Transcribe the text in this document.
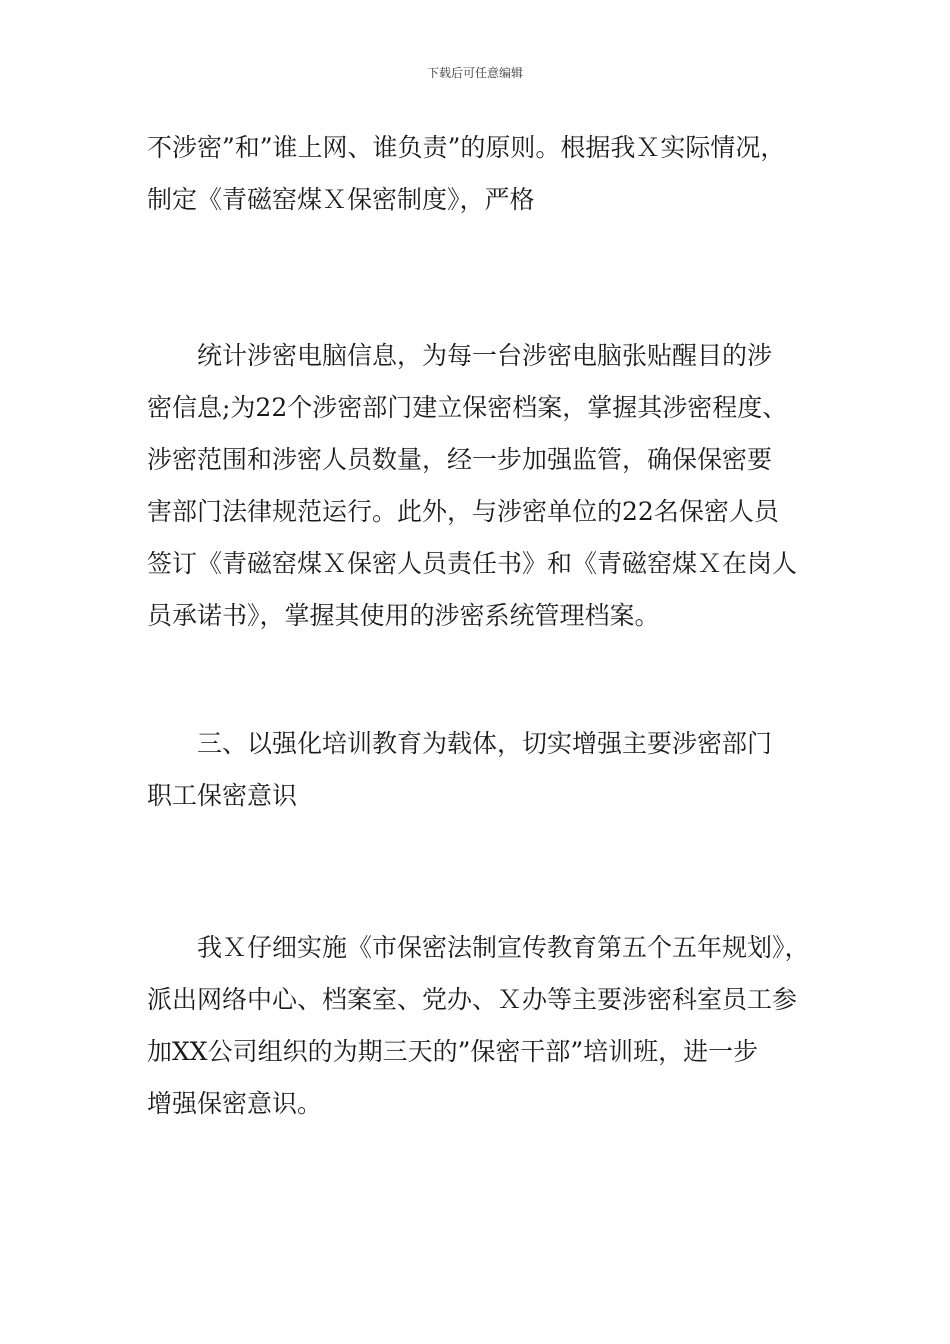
下载后可任意编辑
不涉密”和”谁上网、谁负责”的原则。根据我Ｘ实际情况，
制定《青磁窑煤Ｘ保密制度》，严格
统计涉密电脑信息，为每一台涉密电脑张贴醒目的涉
密信息;为22个涉密部门建立保密档案，掌握其涉密程度、
涉密范围和涉密人员数量，经一步加强监管，确保保密要
害部门法律规范运行。此外，与涉密单位的22名保密人员
签订《青磁窑煤Ｘ保密人员责任书》和《青磁窑煤Ｘ在岗人
员承诺书》，掌握其使用的涉密系统管理档案。
三、以强化培训教育为载体，切实增强主要涉密部门
职工保密意识
我Ｘ仔细实施《市保密法制宣传教育第五个五年规划》，
派出网络中心、档案室、党办、Ｘ办等主要涉密科室员工参
加XX公司组织的为期三天的”保密干部”培训班，进一步
增强保密意识。
